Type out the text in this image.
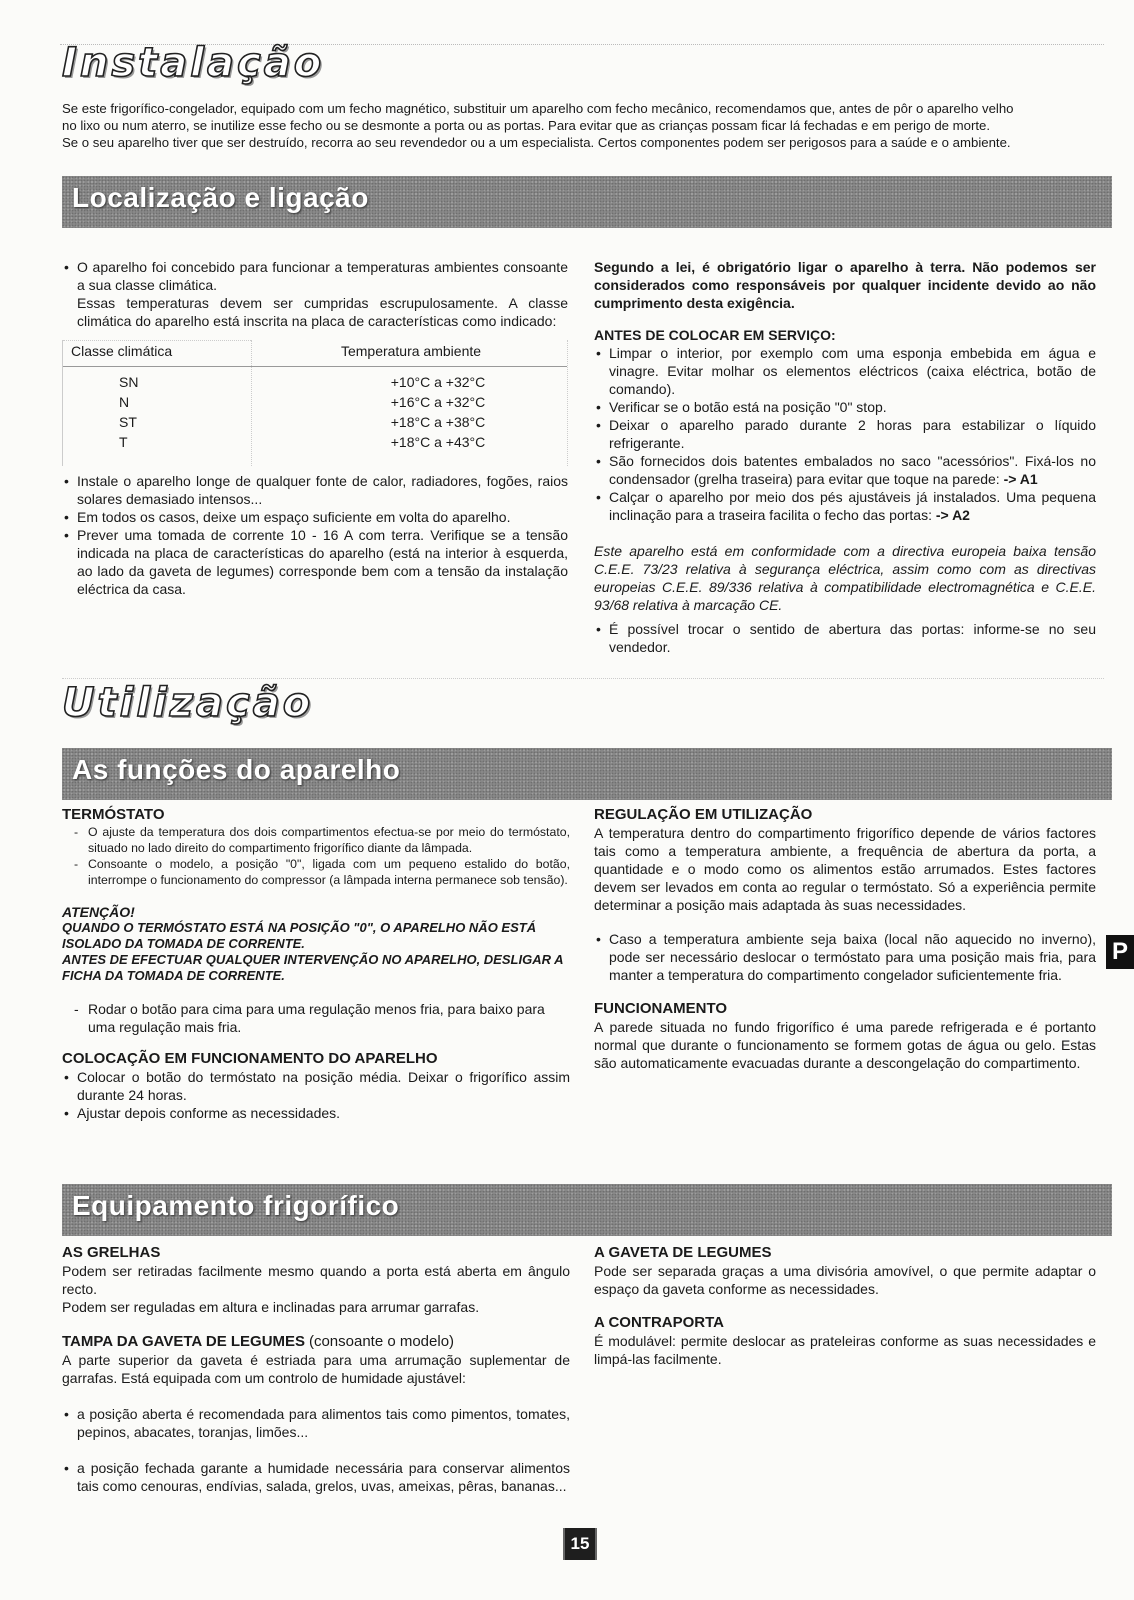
Instalação
Se este frigorífico-congelador, equipado com um fecho magnético, substituir um aparelho com fecho mecânico, recomendamos que, antes de pôr o aparelho velho
no lixo ou num aterro, se inutilize esse fecho ou se desmonte a porta ou as portas. Para evitar que as crianças possam ficar lá fechadas e em perigo de morte.
Se o seu aparelho tiver que ser destruído, recorra ao seu revendedor ou a um especialista. Certos componentes podem ser perigosos para a saúde e o ambiente.
Localização e ligação
• O aparelho foi concebido para funcionar a temperaturas ambientes consoante a sua classe climática.

Essas temperaturas devem ser cumpridas escrupulosamente. A classe climática do aparelho está inscrita na placa de características como indicado:

Classe climática	Temperatura ambiente
SN	+10°C a +32°C
N	+16°C a +32°C
ST	+18°C a +38°C
T	+18°C a +43°C
• Instale o aparelho longe de qualquer fonte de calor, radiadores, fogões, raios solares demasiado intensos...
• Em todos os casos, deixe um espaço suficiente em volta do aparelho.
• Prever uma tomada de corrente 10 - 16 A com terra. Verifique se a tensão indicada na placa de características do aparelho (está na interior à esquerda, ao lado da gaveta de legumes) corresponde bem com a tensão da instalação eléctrica da casa.

Segundo a lei, é obrigatório ligar o aparelho à terra. Não podemos ser considerados como responsáveis por qualquer incidente devido ao não cumprimento desta exigência.

ANTES DE COLOCAR EM SERVIÇO:

• Limpar o interior, por exemplo com uma esponja embebida em água e vinagre. Evitar molhar os elementos eléctricos (caixa eléctrica, botão de comando).
• Verificar se o botão está na posição "0" stop.
• Deixar o aparelho parado durante 2 horas para estabilizar o líquido refrigerante.
• São fornecidos dois batentes embalados no saco "acessórios". Fixá-los no condensador (grelha traseira) para evitar que toque na parede: -> A1
• Calçar o aparelho por meio dos pés ajustáveis já instalados. Uma pequena inclinação para a traseira facilita o fecho das portas: -> A2

Este aparelho está em conformidade com a directiva europeia baixa tensão C.E.E. 73/23 relativa à segurança eléctrica, assim como com as directivas europeias C.E.E. 89/336 relativa à compatibilidade electromagnética e C.E.E. 93/68 relativa à marcação CE.

• É possível trocar o sentido de abertura das portas: informe-se no seu vendedor.
Utilização
As funções do aparelho

TERMÓSTATO

- O ajuste da temperatura dos dois compartimentos efectua-se por meio do termóstato, situado no lado direito do compartimento frigorífico diante da lâmpada.
- Consoante o modelo, a posição "0", ligada com um pequeno estalido do botão, interrompe o funcionamento do compressor (a lâmpada interna permanece sob tensão).

ATENÇÃO!

QUANDO O TERMÓSTATO ESTÁ NA POSIÇÃO "0", O APARELHO NÃO ESTÁ ISOLADO DA TOMADA DE CORRENTE.

ANTES DE EFECTUAR QUALQUER INTERVENÇÃO NO APARELHO, DESLIGAR A FICHA DA TOMADA DE CORRENTE.

- Rodar o botão para cima para uma regulação menos fria, para baixo para uma regulação mais fria.

COLOCAÇÃO EM FUNCIONAMENTO DO APARELHO

• Colocar o botão do termóstato na posição média. Deixar o frigorífico assim durante 24 horas.
• Ajustar depois conforme as necessidades.

REGULAÇÃO EM UTILIZAÇÃO

A temperatura dentro do compartimento frigorífico depende de vários factores tais como a temperatura ambiente, a frequência de abertura da porta, a quantidade e o modo como os alimentos estão arrumados. Estes factores devem ser levados em conta ao regular o termóstato. Só a experiência permite determinar a posição mais adaptada às suas necessidades.

• Caso a temperatura ambiente seja baixa (local não aquecido no inverno), pode ser necessário deslocar o termóstato para uma posição mais fria, para manter a temperatura do compartimento congelador suficientemente fria.

FUNCIONAMENTO

A parede situada no fundo frigorífico é uma parede refrigerada e é portanto normal que durante o funcionamento se formem gotas de água ou gelo. Estas são automaticamente evacuadas durante a descongelação do compartimento.

P
Equipamento frigorífico

AS GRELHAS

Podem ser retiradas facilmente mesmo quando a porta está aberta em ângulo recto.

Podem ser reguladas em altura e inclinadas para arrumar garrafas.

TAMPA DA GAVETA DE LEGUMES (consoante o modelo)

A parte superior da gaveta é estriada para uma arrumação suplementar de garrafas. Está equipada com um controlo de humidade ajustável:

• a posição aberta é recomendada para alimentos tais como pimentos, tomates, pepinos, abacates, toranjas, limões...
• a posição fechada garante a humidade necessária para conservar alimentos tais como cenouras, endívias, salada, grelos, uvas, ameixas, pêras, bananas...

A GAVETA DE LEGUMES

Pode ser separada graças a uma divisória amovível, o que permite adaptar o espaço da gaveta conforme as necessidades.

A CONTRAPORTA

É modulável: permite deslocar as prateleiras conforme as suas necessidades e limpá-las facilmente.

15
